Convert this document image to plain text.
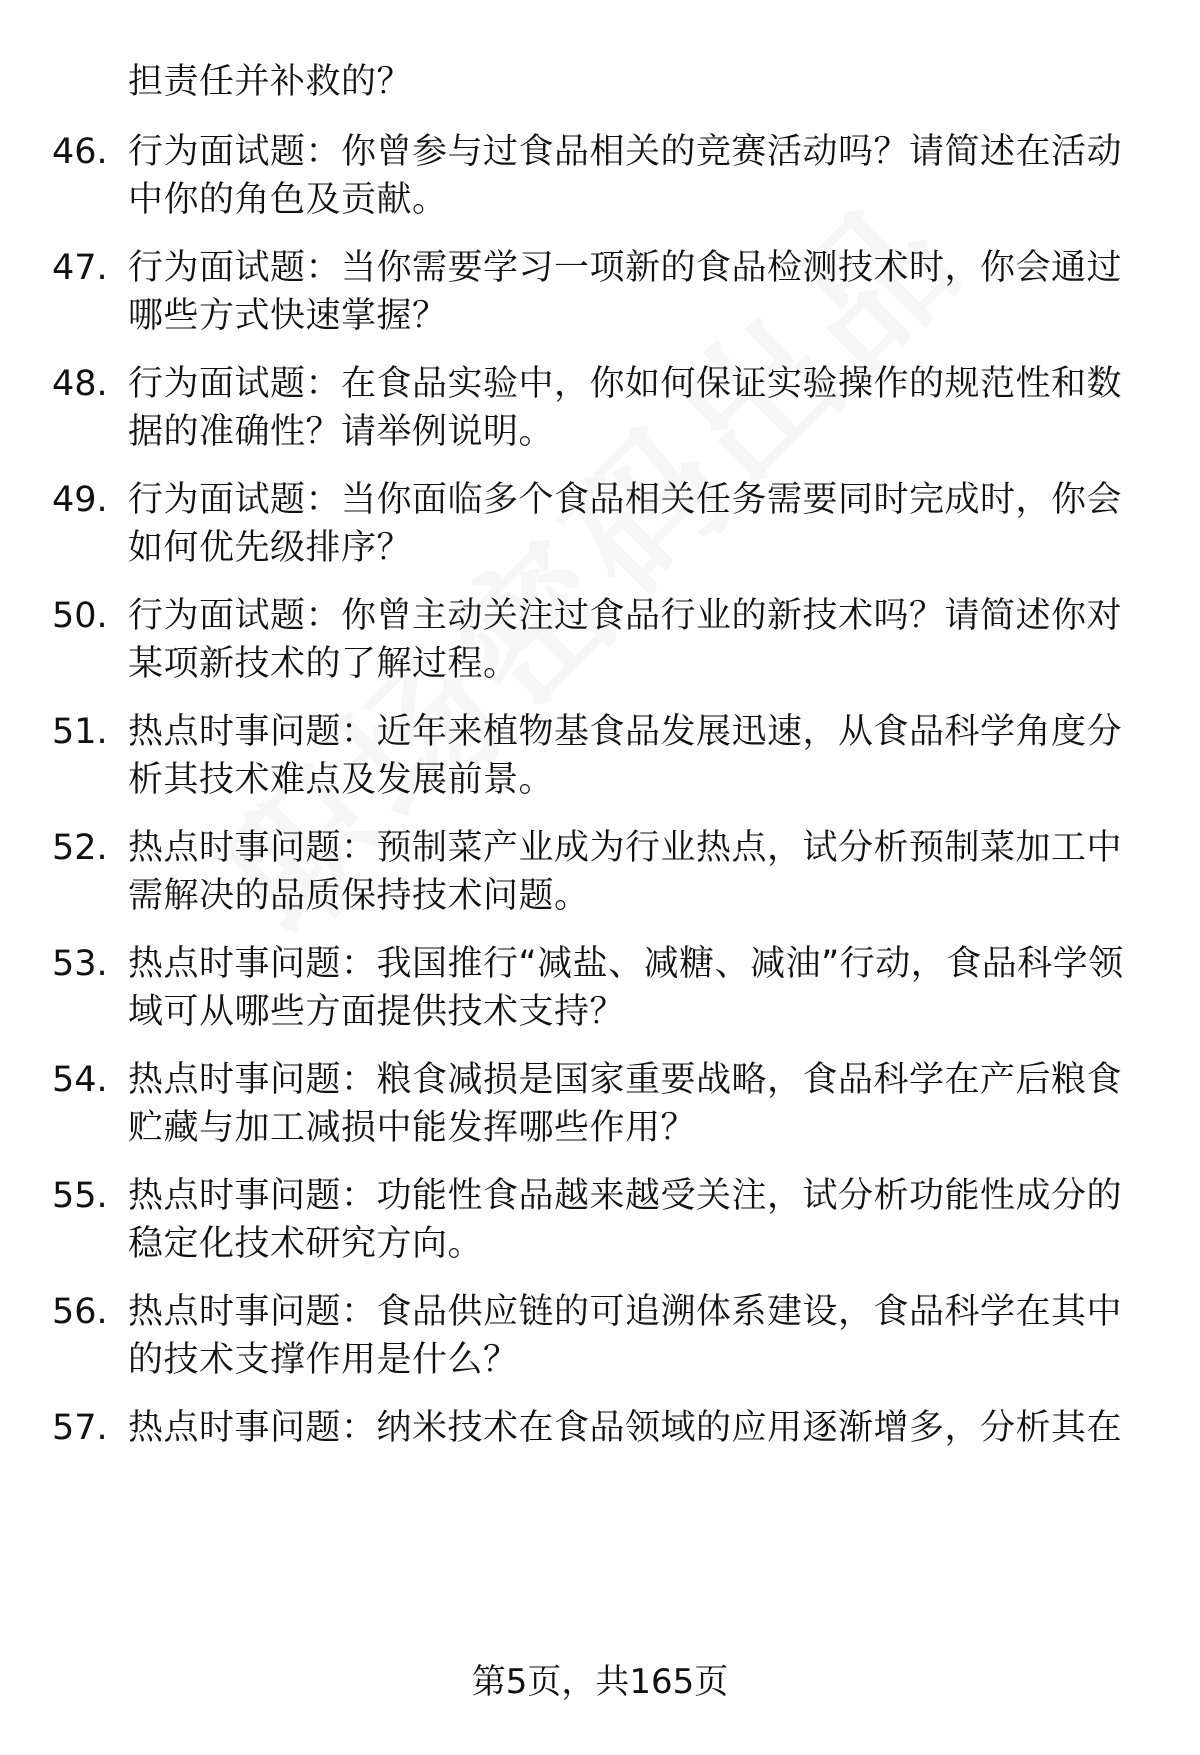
担责任并补救的？
46. 行为面试题：你曾参与过食品相关的竞赛活动吗？请简述在活动中你的角色及贡献。
47. 行为面试题：当你需要学习一项新的食品检测技术时，你会通过哪些方式快速掌握？
48. 行为面试题：在食品实验中，你如何保证实验操作的规范性和数据的准确性？请举例说明。
49. 行为面试题：当你面临多个食品相关任务需要同时完成时，你会如何优先级排序？
50. 行为面试题：你曾主动关注过食品行业的新技术吗？请简述你对某项新技术的了解过程。
51. 热点时事问题：近年来植物基食品发展迅速，从食品科学角度分析其技术难点及发展前景。
52. 热点时事问题：预制菜产业成为行业热点，试分析预制菜加工中需解决的品质保持技术问题。
53. 热点时事问题：我国推行“减盐、减糖、减油”行动，食品科学领域可从哪些方面提供技术支持？
54. 热点时事问题：粮食减损是国家重要战略，食品科学在产后粮食贮藏与加工减损中能发挥哪些作用？
55. 热点时事问题：功能性食品越来越受关注，试分析功能性成分的稳定化技术研究方向。
56. 热点时事问题：食品供应链的可追溯体系建设，食品科学在其中的技术支撑作用是什么？
57. 热点时事问题：纳米技术在食品领域的应用逐渐增多，分析其在
第5页，共165页
